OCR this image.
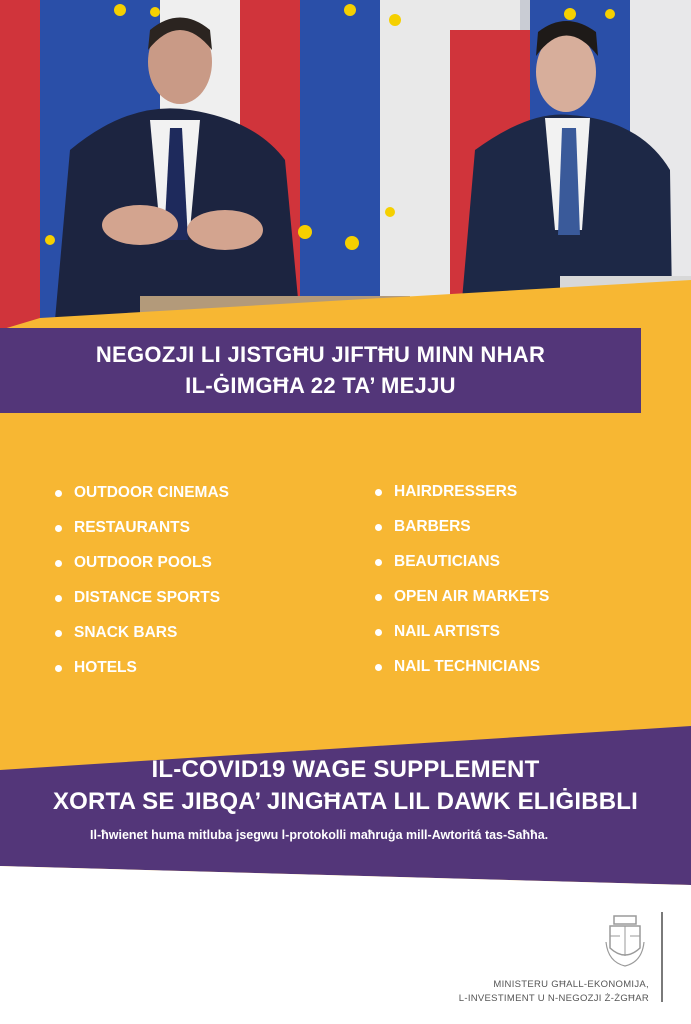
NEGOZJI LI JISTGĦU JIFTĦU MINN NHAR
IL-ĠIMGĦA 22 TA’ MEJJU
OUTDOOR CINEMAS
RESTAURANTS
OUTDOOR POOLS
DISTANCE SPORTS
SNACK BARS
HOTELS
HAIRDRESSERS
BARBERS
BEAUTICIANS
OPEN AIR MARKETS
NAIL ARTISTS
NAIL TECHNICIANS
IL-COVID19 WAGE SUPPLEMENT
XORTA SE JIBQA’ JINGĦATA LIL DAWK ELIĠIBBLI
Il-ħwienet huma mitluba jsegwu l-protokolli maħruġa mill-Awtoritá tas-Saħħa.
MINISTERU GĦALL-EKONOMIJA,
L-INVESTIMENT U N-NEGOZJI Ż-ŻGĦAR
